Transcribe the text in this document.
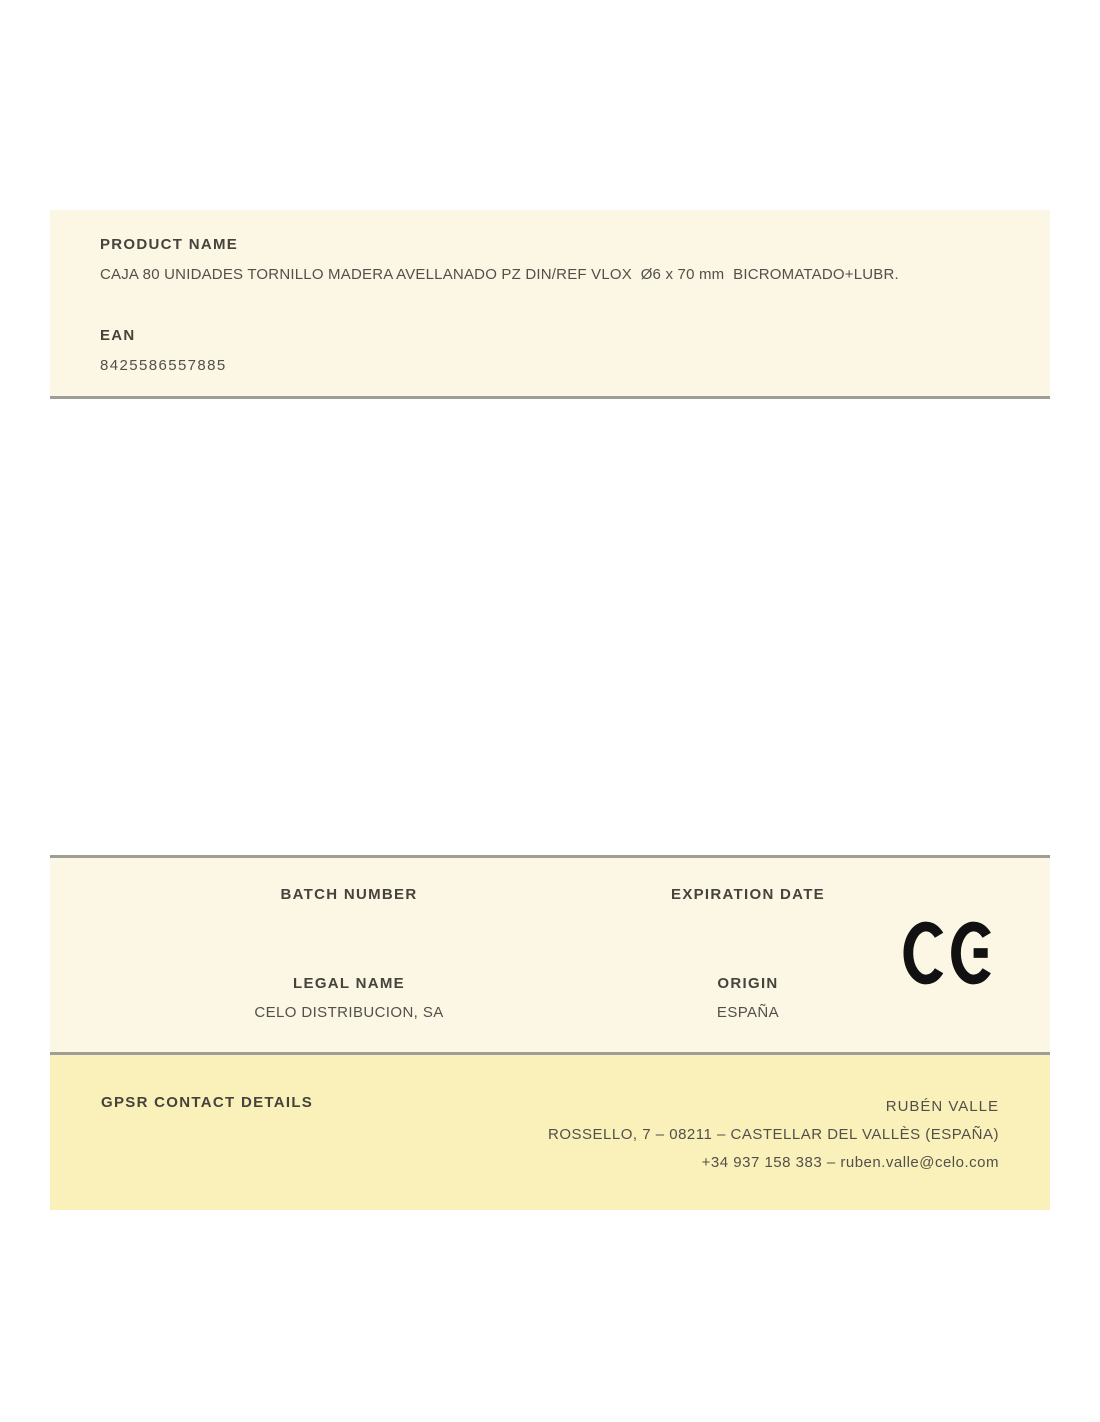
PRODUCT NAME
CAJA 80 UNIDADES TORNILLO MADERA AVELLANADO PZ DIN/REF VLOX  Ø6 x 70 mm  BICROMATADO+LUBR.
EAN
8425586557885
BATCH NUMBER	EXPIRATION DATE
LEGAL NAME
CELO DISTRIBUCION, SA
ORIGIN
ESPAÑA
GPSR CONTACT DETAILS	RUBÉN VALLE
ROSSELLO, 7 – 08211 – CASTELLAR DEL VALLÈS (ESPAÑA)
+34 937 158 383 – ruben.valle@celo.com
